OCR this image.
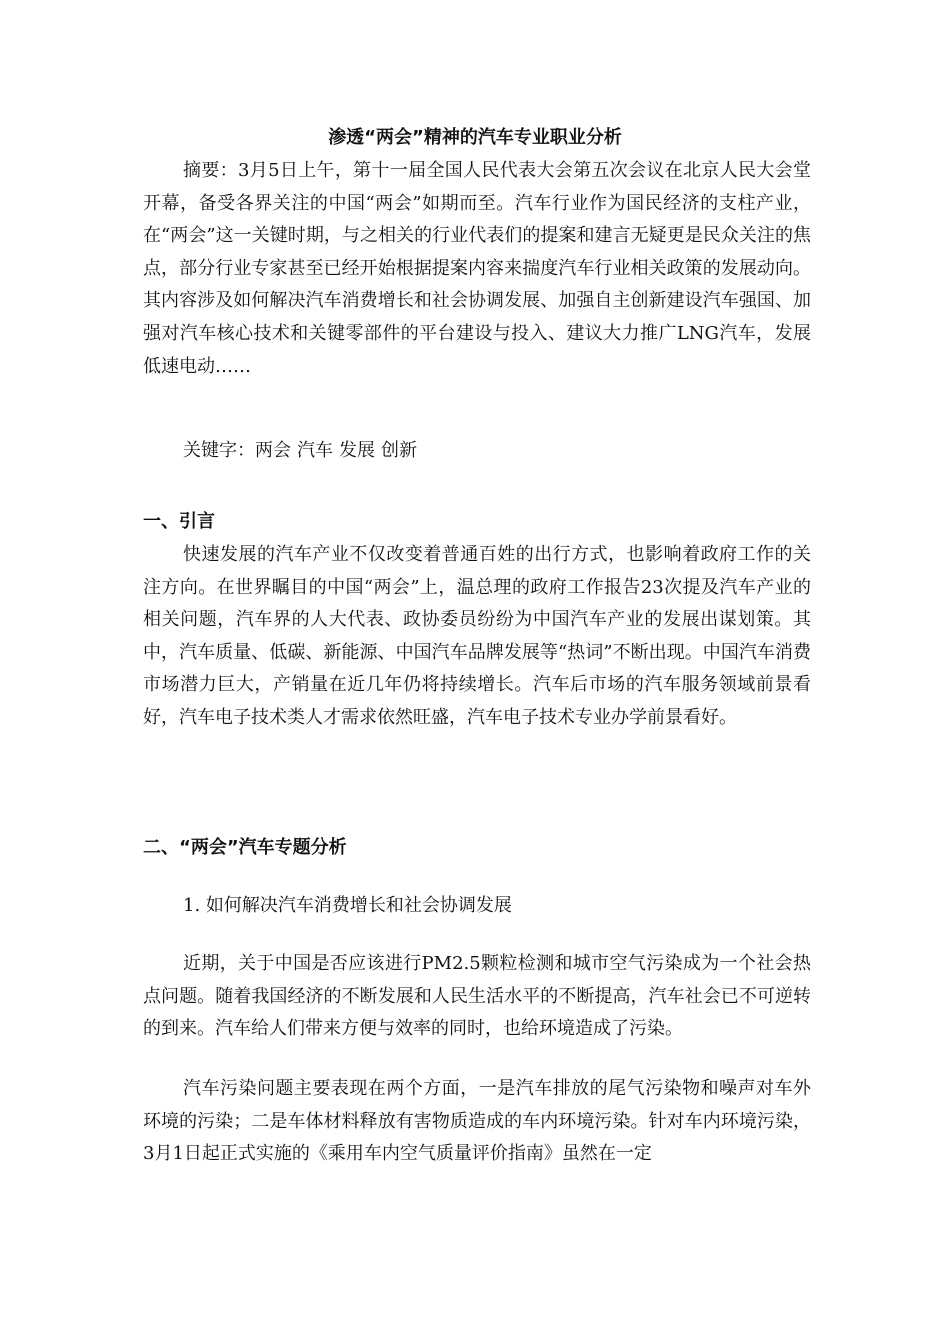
渗透“两会”精神的汽车专业职业分析

摘要：3月5日上午，第十一届全国人民代表大会第五次会议在北京人民大会堂开幕，备受各界关注的中国“两会”如期而至。汽车行业作为国民经济的支柱产业，在“两会”这一关键时期，与之相关的行业代表们的提案和建言无疑更是民众关注的焦点，部分行业专家甚至已经开始根据提案内容来揣度汽车行业相关政策的发展动向。其内容涉及如何解决汽车消费增长和社会协调发展、加强自主创新建设汽车强国、加强对汽车核心技术和关键零部件的平台建设与投入、建议大力推广LNG汽车，发展低速电动……

关键字：两会 汽车 发展 创新

一、引言

快速发展的汽车产业不仅改变着普通百姓的出行方式，也影响着政府工作的关注方向。在世界瞩目的中国“两会”上，温总理的政府工作报告23次提及汽车产业的相关问题，汽车界的人大代表、政协委员纷纷为中国汽车产业的发展出谋划策。其中，汽车质量、低碳、新能源、中国汽车品牌发展等“热词”不断出现。中国汽车消费市场潜力巨大，产销量在近几年仍将持续增长。汽车后市场的汽车服务领域前景看好，汽车电子技术类人才需求依然旺盛，汽车电子技术专业办学前景看好。

二、“两会”汽车专题分析

1. 如何解决汽车消费增长和社会协调发展

近期，关于中国是否应该进行PM2.5颗粒检测和城市空气污染成为一个社会热点问题。随着我国经济的不断发展和人民生活水平的不断提高，汽车社会已不可逆转的到来。汽车给人们带来方便与效率的同时，也给环境造成了污染。

汽车污染问题主要表现在两个方面，一是汽车排放的尾气污染物和噪声对车外环境的污染；二是车体材料释放有害物质造成的车内环境污染。针对车内环境污染， 3月1日起正式实施的《乘用车内空气质量评价指南》虽然在一定
